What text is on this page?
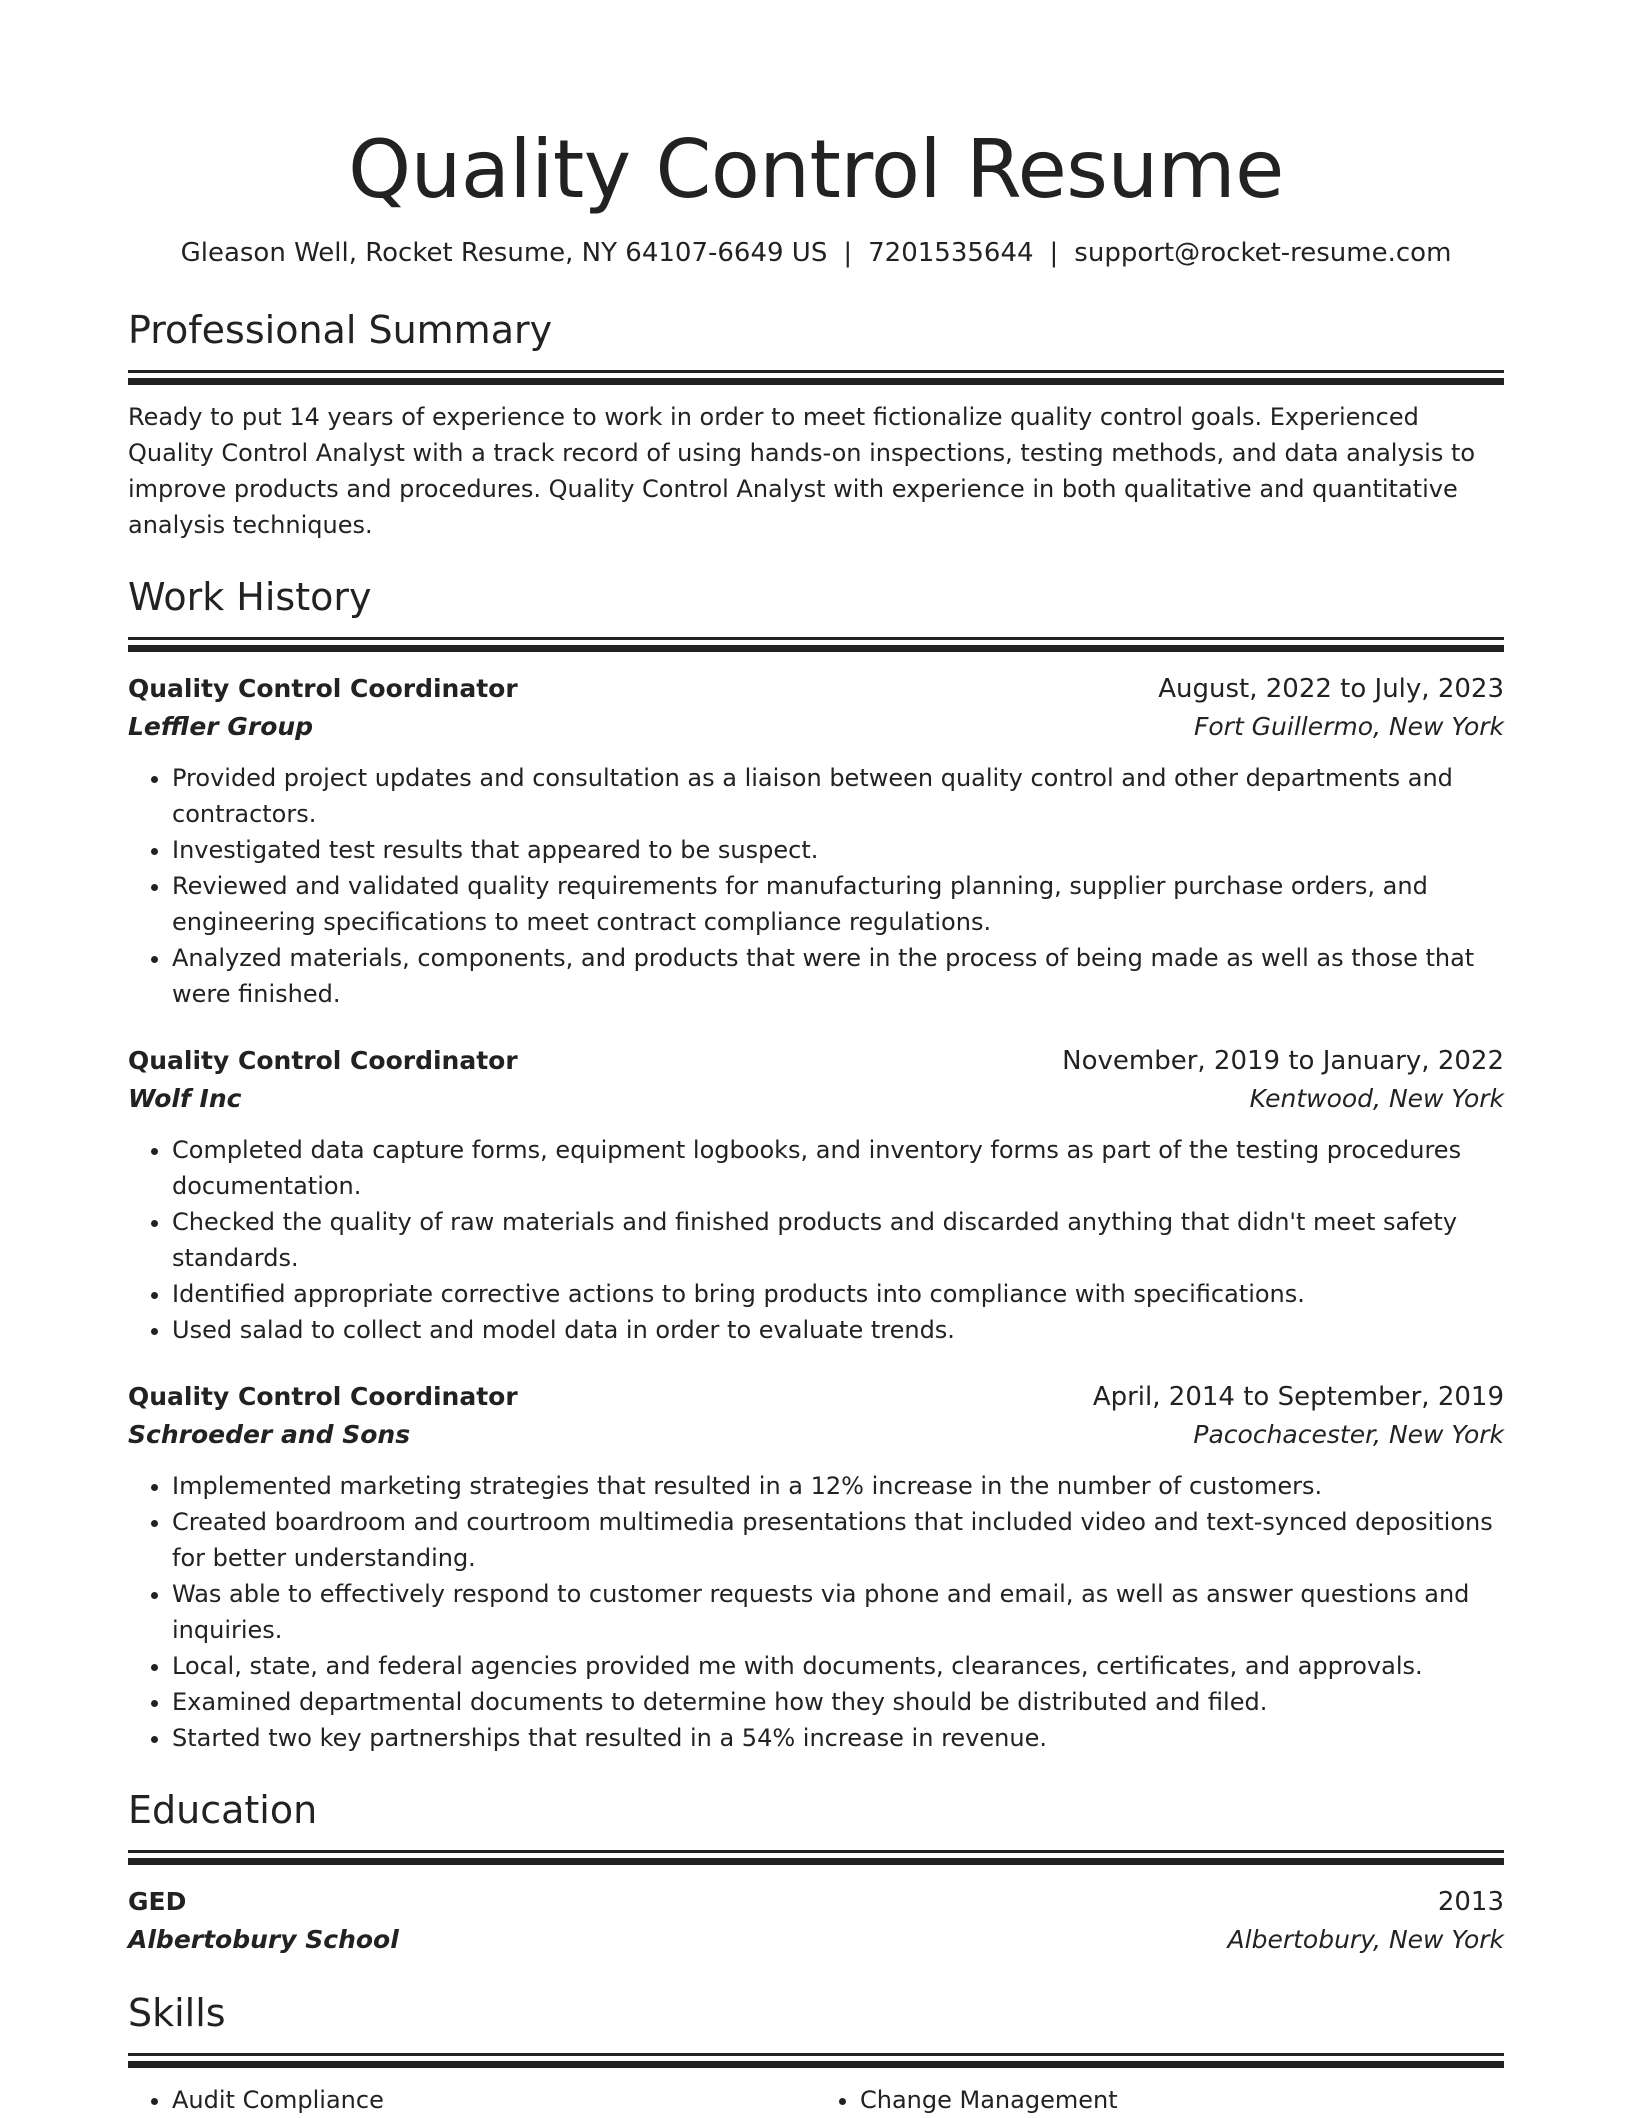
Quality Control Resume
Gleason Well, Rocket Resume, NY 64107-6649 US | 7201535644 | support@rocket-resume.com
Professional Summary

Ready to put 14 years of experience to work in order to meet fictionalize quality control goals. Experienced Quality Control Analyst with a track record of using hands-on inspections, testing methods, and data analysis to improve products and procedures. Quality Control Analyst with experience in both qualitative and quantitative analysis techniques.

Work History
Quality Control Coordinator	August, 2022 to July, 2023
Leffler Group	Fort Guillermo, New York
• Provided project updates and consultation as a liaison between quality control and other departments and contractors.
• Investigated test results that appeared to be suspect.
• Reviewed and validated quality requirements for manufacturing planning, supplier purchase orders, and engineering specifications to meet contract compliance regulations.
• Analyzed materials, components, and products that were in the process of being made as well as those that were finished.
Quality Control Coordinator	November, 2019 to January, 2022
Wolf Inc	Kentwood, New York
• Completed data capture forms, equipment logbooks, and inventory forms as part of the testing procedures documentation.
• Checked the quality of raw materials and finished products and discarded anything that didn't meet safety standards.
• Identified appropriate corrective actions to bring products into compliance with specifications.
• Used salad to collect and model data in order to evaluate trends.
Quality Control Coordinator	April, 2014 to September, 2019
Schroeder and Sons	Pacochacester, New York
• Implemented marketing strategies that resulted in a 12% increase in the number of customers.
• Created boardroom and courtroom multimedia presentations that included video and text-synced depositions for better understanding.
• Was able to effectively respond to customer requests via phone and email, as well as answer questions and inquiries.
• Local, state, and federal agencies provided me with documents, clearances, certificates, and approvals.
• Examined departmental documents to determine how they should be distributed and filed.
• Started two key partnerships that resulted in a 54% increase in revenue.
Education
GED	2013
Albertobury School	Albertobury, New York
Skills
• Audit Compliance
•	Change Management
